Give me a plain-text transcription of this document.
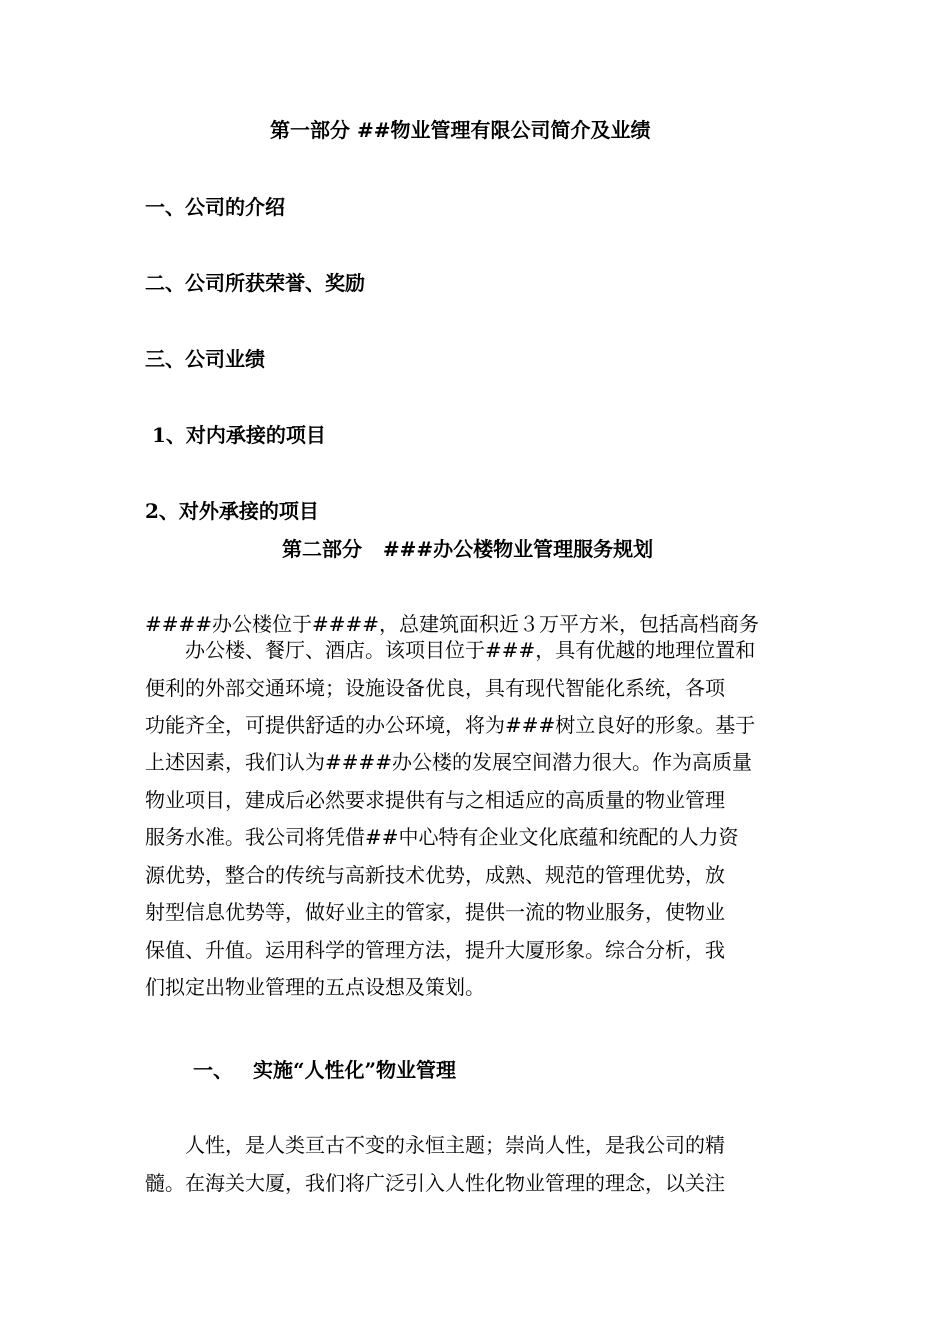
第一部分 ##物业管理有限公司简介及业绩
一、公司的介绍
二、公司所获荣誉、奖励
三、公司业绩
1、对内承接的项目
2、对外承接的项目
第二部分   ###办公楼物业管理服务规划
####办公楼位于####，总建筑面积近３万平方米，包括高档商务
办公楼、餐厅、酒店。该项目位于###，具有优越的地理位置和
便利的外部交通环境；设施设备优良，具有现代智能化系统，各项
功能齐全，可提供舒适的办公环境，将为###树立良好的形象。基于
上述因素，我们认为####办公楼的发展空间潜力很大。作为高质量
物业项目，建成后必然要求提供有与之相适应的高质量的物业管理
服务水准。我公司将凭借##中心特有企业文化底蕴和统配的人力资
源优势，整合的传统与高新技术优势，成熟、规范的管理优势，放
射型信息优势等，做好业主的管家，提供一流的物业服务，使物业
保值、升值。运用科学的管理方法，提升大厦形象。综合分析，我
们拟定出物业管理的五点设想及策划。
一、 实施“人性化”物业管理
人性，是人类亘古不变的永恒主题；崇尚人性，是我公司的精
髓。在海关大厦，我们将广泛引入人性化物业管理的理念，以关注
